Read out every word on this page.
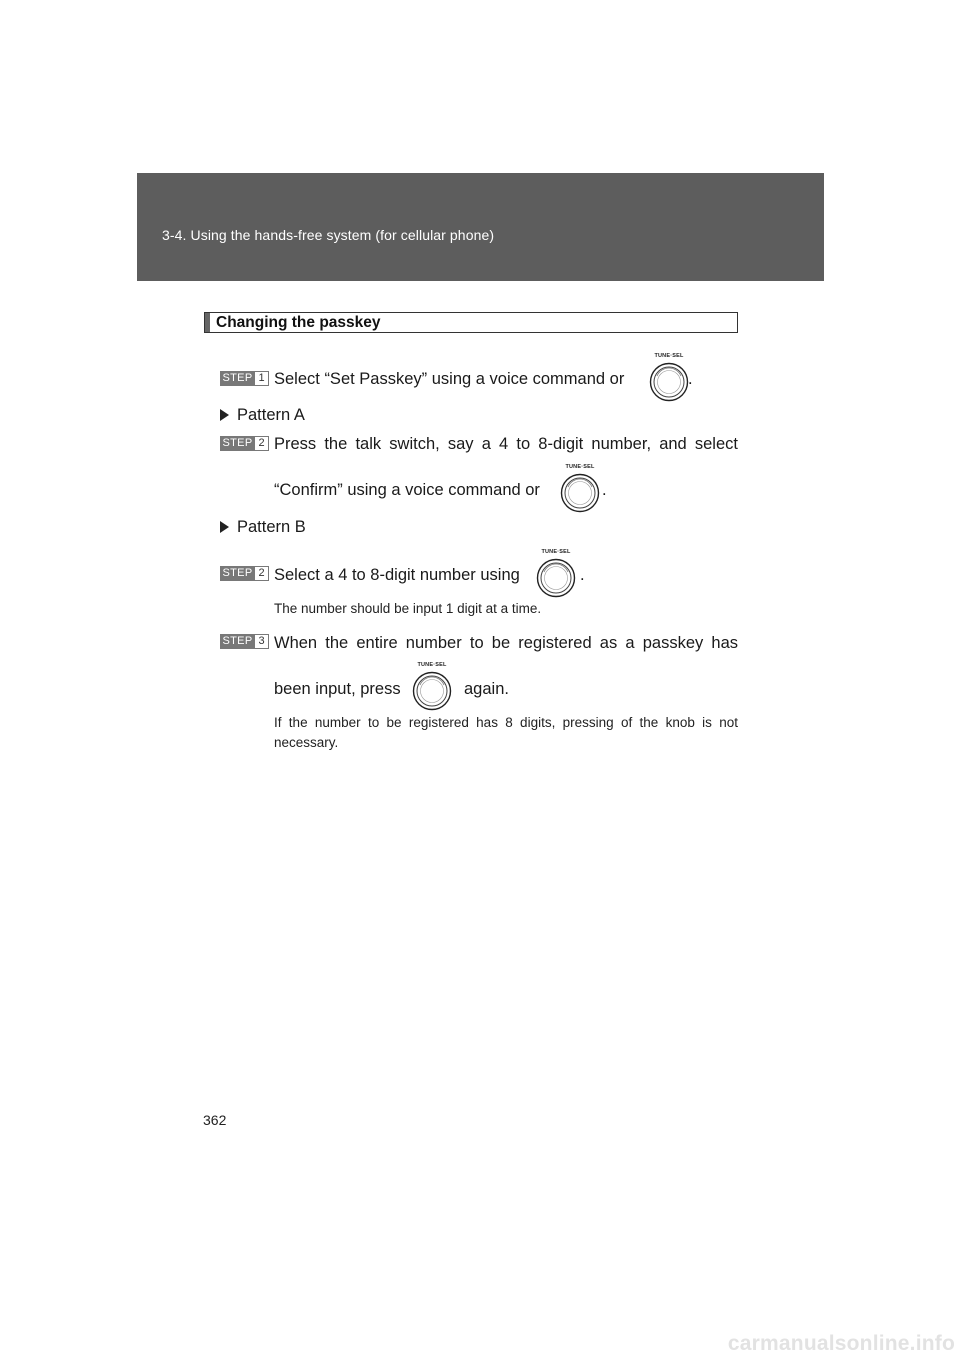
3-4. Using the hands-free system (for cellular phone)
Changing the passkey
STEP 1 Select “Set Passkey” using a voice command or
TUNE·SEL
.
Pattern A
STEP 2 Press the talk switch, say a 4 to 8-digit number, and select
“Confirm” using a voice command or
TUNE·SEL
.
Pattern B
STEP 2 Select a 4 to 8-digit number using
TUNE·SEL
.
The number should be input 1 digit at a time.
STEP 3 When the entire number to be registered as a passkey has
been input, press
TUNE·SEL
again.
If the number to be registered has 8 digits, pressing of the knob is not necessary.
362
carmanualsonline.info
